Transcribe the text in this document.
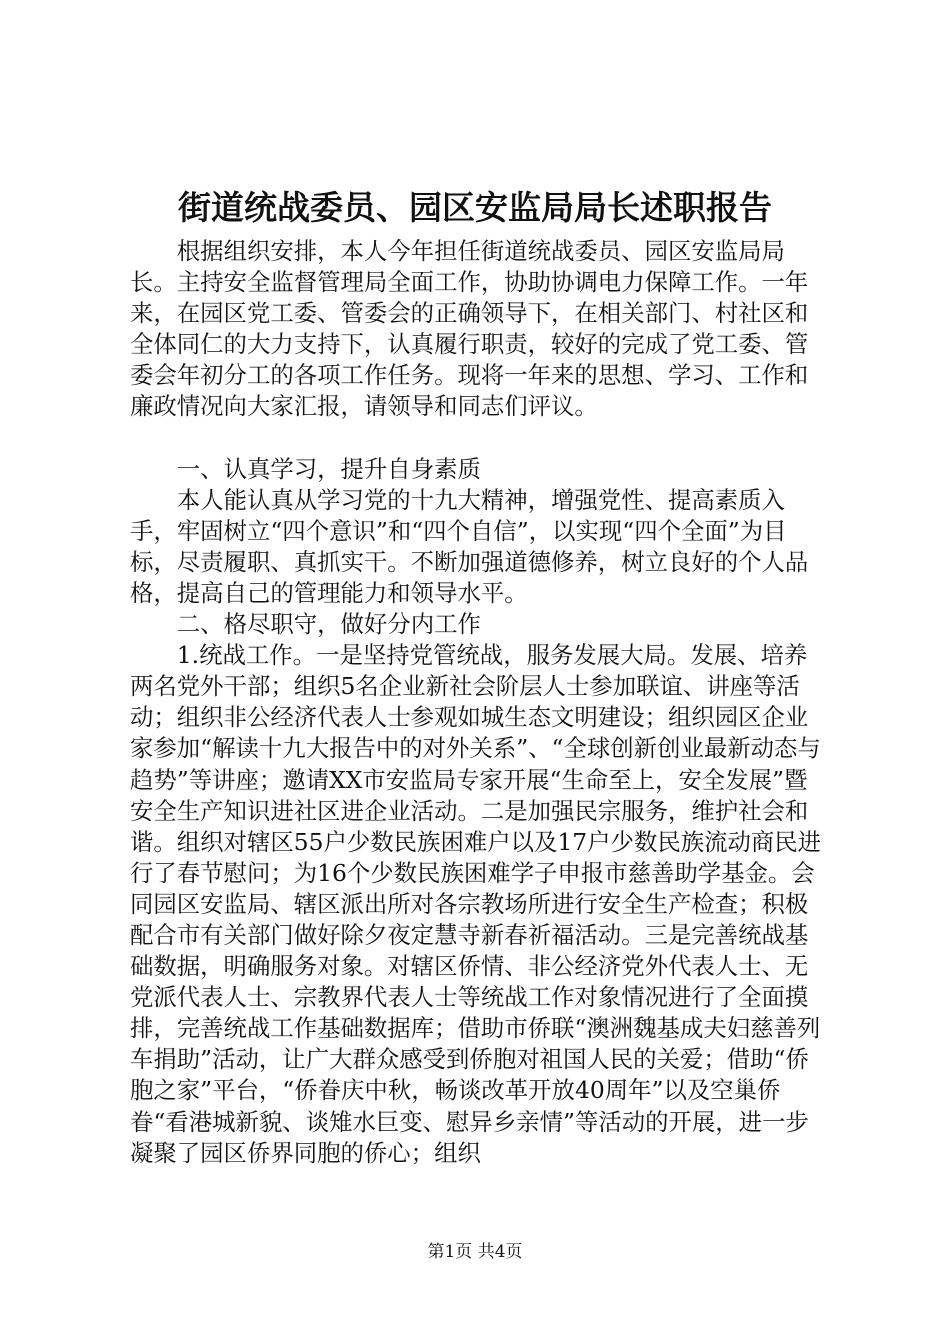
街道统战委员、园区安监局局长述职报告

根据组织安排，本人今年担任街道统战委员、园区安监局局长。主持安全监督管理局全面工作，协助协调电力保障工作。一年来，在园区党工委、管委会的正确领导下，在相关部门、村社区和全体同仁的大力支持下，认真履行职责，较好的完成了党工委、管委会年初分工的各项工作任务。现将一年来的思想、学习、工作和廉政情况向大家汇报，请领导和同志们评议。

一、认真学习，提升自身素质

本人能认真从学习党的十九大精神，增强党性、提高素质入手，牢固树立“四个意识”和“四个自信”，以实现“四个全面”为目标，尽责履职、真抓实干。不断加强道德修养，树立良好的个人品格，提高自己的管理能力和领导水平。

二、格尽职守，做好分内工作

1.统战工作。一是坚持党管统战，服务发展大局。发展、培养两名党外干部；组织5名企业新社会阶层人士参加联谊、讲座等活动；组织非公经济代表人士参观如城生态文明建设；组织园区企业家参加“解读十九大报告中的对外关系”、“全球创新创业最新动态与趋势”等讲座；邀请XX市安监局专家开展“生命至上，安全发展”暨安全生产知识进社区进企业活动。二是加强民宗服务，维护社会和谐。组织对辖区55户少数民族困难户以及17户少数民族流动商民进行了春节慰问；为16个少数民族困难学子申报市慈善助学基金。会同园区安监局、辖区派出所对各宗教场所进行安全生产检查；积极配合市有关部门做好除夕夜定慧寺新春祈福活动。三是完善统战基础数据，明确服务对象。对辖区侨情、非公经济党外代表人士、无党派代表人士、宗教界代表人士等统战工作对象情况进行了全面摸排，完善统战工作基础数据库；借助市侨联“澳洲魏基成夫妇慈善列车捐助”活动，让广大群众感受到侨胞对祖国人民的关爱；借助“侨胞之家”平台，“侨眷庆中秋，畅谈改革开放40周年”以及空巢侨眷“看港城新貌、谈雉水巨变、慰异乡亲情”等活动的开展，进一步凝聚了园区侨界同胞的侨心；组织

第1页 共4页
